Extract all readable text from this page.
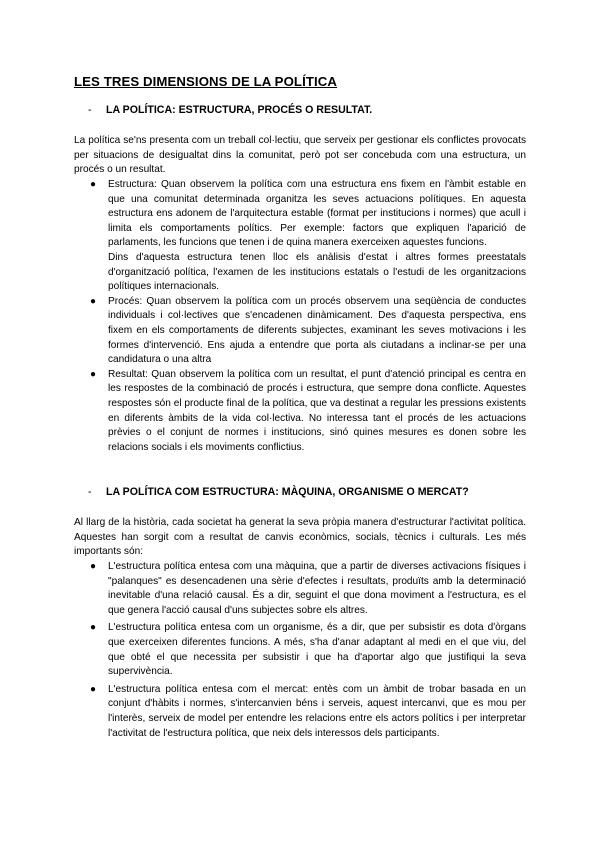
LES TRES DIMENSIONS DE LA POLÍTICA
- LA POLÍTICA: ESTRUCTURA, PROCÉS O RESULTAT.

La política se'ns presenta com un treball col·lectiu, que serveix per gestionar els conflictes provocats per situacions de desigualtat dins la comunitat, però pot ser concebuda com una estructura, un procés o un resultat.

● Estructura: Quan observem la política com una estructura ens fixem en l'àmbit estable en que una comunitat determinada organitza les seves actuacions polítiques. En aquesta estructura ens adonem de l'arquitectura estable (format per institucions i normes) que acull i limita els comportaments polítics. Per exemple: factors que expliquen l'aparició de parlaments, les funcions que tenen i de quina manera exerceixen aquestes funcions.

Dins d'aquesta estructura tenen lloc els anàlisis d'estat i altres formes preestatals d'organització política, l'examen de les institucions estatals o l'estudi de les organitzacions polítiques internacionals.

● Procés: Quan observem la política com un procés observem una seqüència de conductes individuals i col·lectives que s'encadenen dinàmicament. Des d'aquesta perspectiva, ens fixem en els comportaments de diferents subjectes, examinant les seves motivacions i les formes d'intervenció. Ens ajuda a entendre que porta als ciutadans a inclinar-se per una candidatura o una altra

● Resultat: Quan observem la política com un resultat, el punt d'atenció principal es centra en les respostes de la combinació de procés i estructura, que sempre dona conflicte. Aquestes respostes són el producte final de la política, que va destinat a regular les pressions existents en diferents àmbits de la vida col·lectiva. No interessa tant el procés de les actuacions prèvies o el conjunt de normes i institucions, sinó quines mesures es donen sobre les relacions socials i els moviments conflictius.

- LA POLÍTICA COM ESTRUCTURA: MÀQUINA, ORGANISME O MERCAT?

Al llarg de la història, cada societat ha generat la seva pròpia manera d'estructurar l'activitat política. Aquestes han sorgit com a resultat de canvis econòmics, socials, tècnics i culturals. Les més importants són:

● L'estructura política entesa com una màquina, que a partir de diverses activacions físiques i "palanques" es desencadenen una sèrie d'efectes i resultats, produïts amb la determinació inevitable d'una relació causal. És a dir, seguint el que dona moviment a l'estructura, es el que genera l'acció causal d'uns subjectes sobre els altres.

● L'estructura política entesa com un organisme, és a dir, que per subsistir es dota d'òrgans que exerceixen diferentes funcions. A més, s'ha d'anar adaptant al medi en el que viu, del que obté el que necessita per subsistir i que ha d'aportar algo que justifiqui la seva supervivència.

● L'estructura política entesa com el mercat: entès com un àmbit de trobar basada en un conjunt d'hàbits i normes, s'intercanvien béns i serveis, aquest intercanvi, que es mou per l'interès, serveix de model per entendre les relacions entre els actors polítics i per interpretar l'activitat de l'estructura política, que neix dels interessos dels participants.
